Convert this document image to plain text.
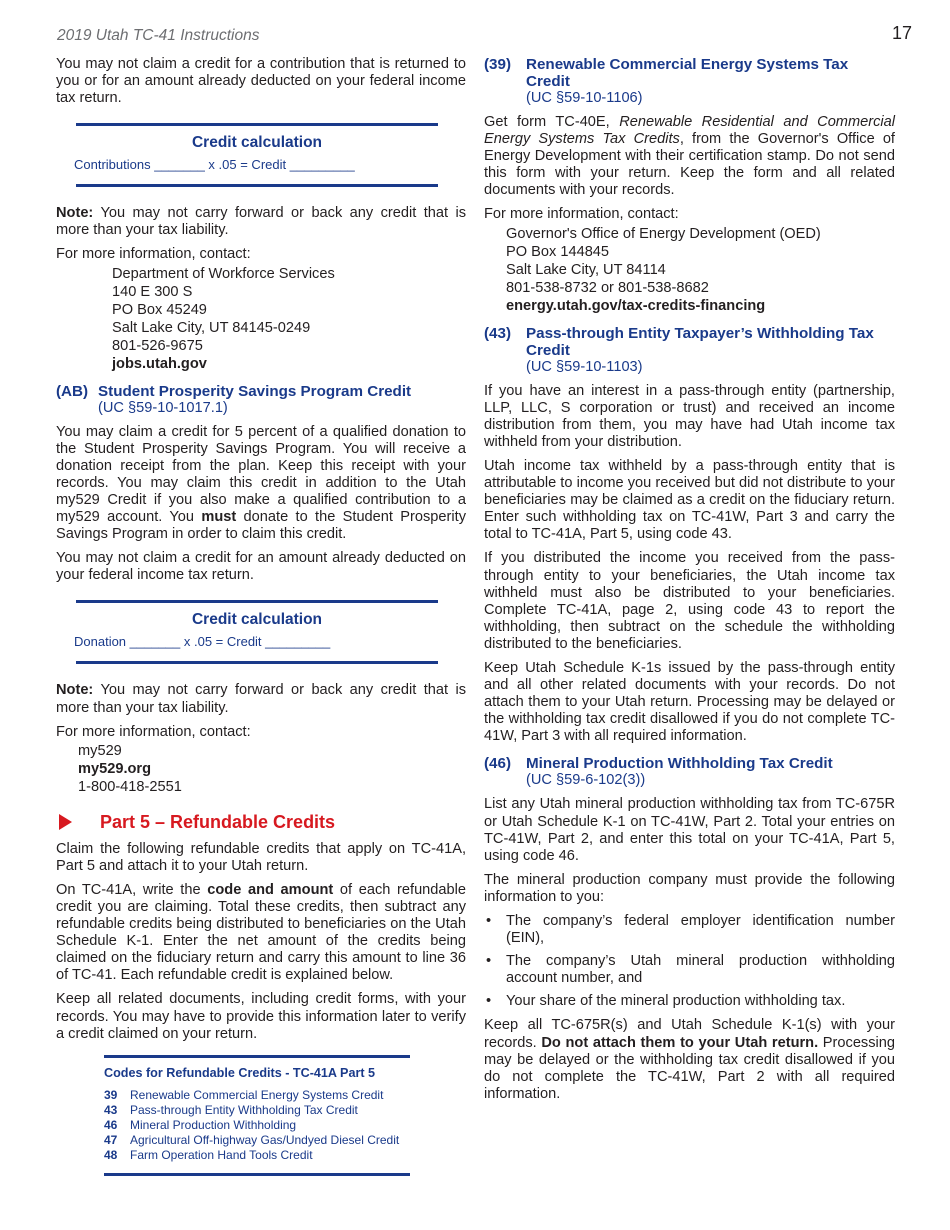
2019 Utah TC-41 Instructions	17

You may not claim a credit for a contribution that is returned to you or for an amount already deducted on your federal income tax return.

Credit calculation
Contributions _______ x .05 = Credit _________

Note: You may not carry forward or back any credit that is more than your tax liability.

For more information, contact:

Department of Workforce Services
140 E 300 S
PO Box 45249
Salt Lake City, UT 84145-0249
801-526-9675
jobs.utah.gov
(AB) Student Prosperity Savings Program Credit
(UC §59-10-1017.1)

You may claim a credit for 5 percent of a qualified donation to the Student Prosperity Savings Program. You will receive a donation receipt from the plan. Keep this receipt with your records. You may claim this credit in addition to the Utah my529 Credit if you also make a qualified contribution to a my529 account. You must donate to the Student Prosperity Savings Program in order to claim this credit.

You may not claim a credit for an amount already deducted on your federal income tax return.

Credit calculation
Donation _______ x .05 = Credit _________

Note: You may not carry forward or back any credit that is more than your tax liability.

For more information, contact:

my529
my529.org
1-800-418-2551
Part 5 – Refundable Credits

Claim the following refundable credits that apply on TC-41A, Part 5 and attach it to your Utah return.

On TC-41A, write the code and amount of each refundable credit you are claiming. Total these credits, then subtract any refundable credits being distributed to beneficiaries on the Utah Schedule K-1. Enter the net amount of the credits being claimed on the fiduciary return and carry this amount to line 36 of TC-41. Each refundable credit is explained below.

Keep all related documents, including credit forms, with your records. You may have to provide this information later to verify a credit claimed on your return.

Codes for Refundable Credits - TC-41A Part 5
39	Renewable Commercial Energy Systems Credit
43	Pass-through Entity Withholding Tax Credit
46	Mineral Production Withholding
47	Agricultural Off-highway Gas/Undyed Diesel Credit
48	Farm Operation Hand Tools Credit
(39) Renewable Commercial Energy Systems Tax Credit
(UC §59-10-1106)

Get form TC-40E, Renewable Residential and Commercial Energy Systems Tax Credits, from the Governor's Office of Energy Development with their certification stamp. Do not send this form with your return. Keep the form and all related documents with your records.

For more information, contact:

Governor's Office of Energy Development (OED)
PO Box 144845
Salt Lake City, UT 84114
801-538-8732 or 801-538-8682
energy.utah.gov/tax-credits-financing
(43) Pass-through Entity Taxpayer’s Withholding Tax Credit
(UC §59-10-1103)

If you have an interest in a pass-through entity (partnership, LLP, LLC, S corporation or trust) and received an income distribution from them, you may have had Utah income tax withheld from your distribution.

Utah income tax withheld by a pass-through entity that is attributable to income you received but did not distribute to your beneficiaries may be claimed as a credit on the fiduciary return. Enter such withholding tax on TC-41W, Part 3 and carry the total to TC-41A, Part 5, using code 43.

If you distributed the income you received from the pass-through entity to your beneficiaries, the Utah income tax withheld must also be distributed to your beneficiaries. Complete TC-41A, page 2, using code 43 to report the withholding, then subtract on the schedule the withholding distributed to the beneficiaries.

Keep Utah Schedule K-1s issued by the pass-through entity and all other related documents with your records. Do not attach them to your Utah return. Processing may be delayed or the withholding tax credit disallowed if you do not complete TC-41W, Part 3 with all required information.

(46) Mineral Production Withholding Tax Credit
(UC §59-6-102(3))

List any Utah mineral production withholding tax from TC-675R or Utah Schedule K-1 on TC-41W, Part 2. Total your entries on TC-41W, Part 2, and enter this total on your TC-41A, Part 5, using code 46.

The mineral production company must provide the following information to you:

• The company’s federal employer identification number (EIN),
• The company’s Utah mineral production withholding account number, and
• Your share of the mineral production withholding tax.

Keep all TC-675R(s) and Utah Schedule K-1(s) with your records. Do not attach them to your Utah return. Processing may be delayed or the withholding tax credit disallowed if you do not complete the TC-41W, Part 2 with all required information.
